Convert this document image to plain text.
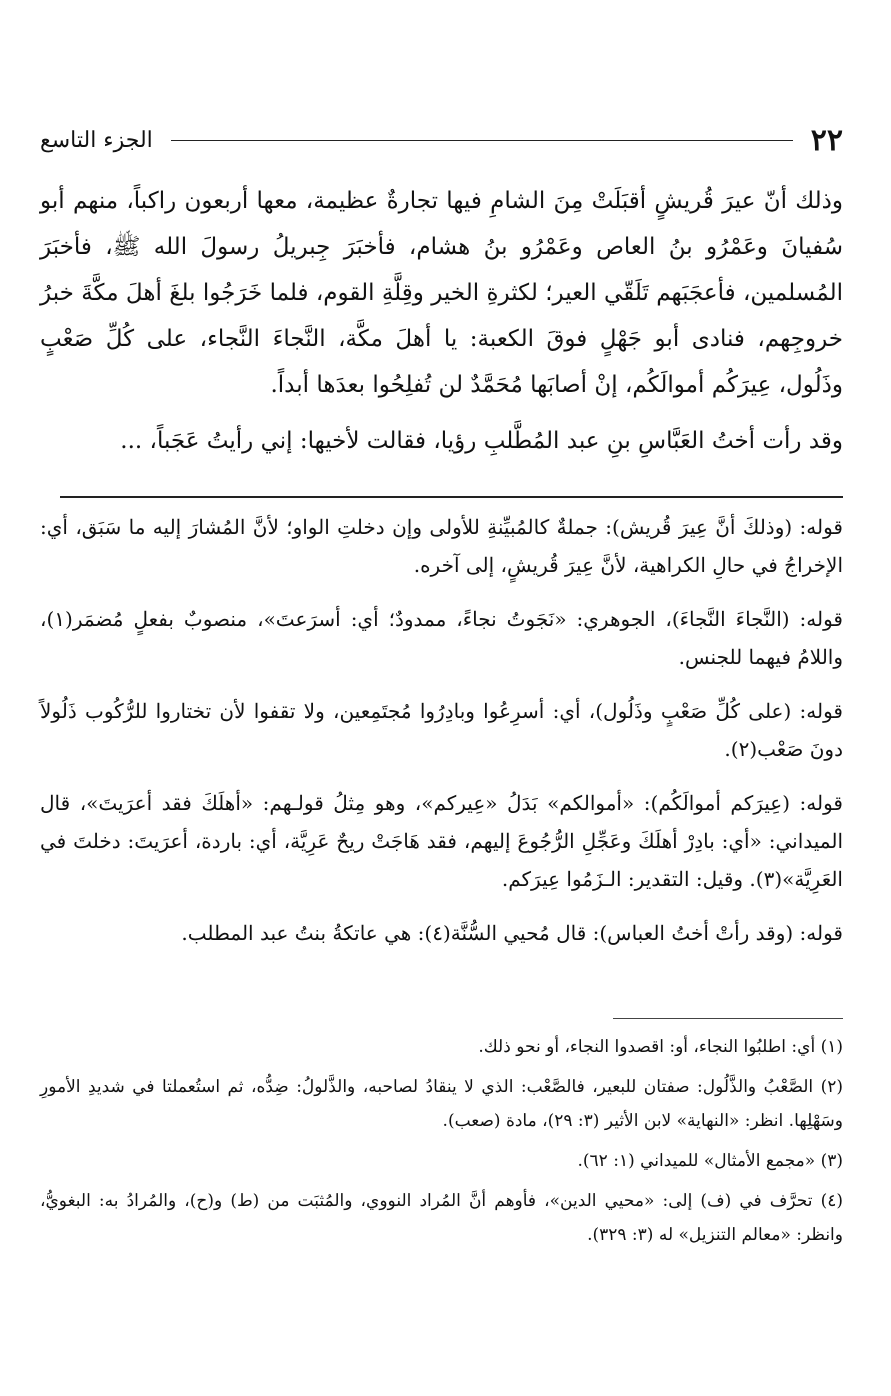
٢٢
الجزء التاسع

وذلك أنّ عيرَ قُريشٍ أقبَلَتْ مِنَ الشامِ فيها تجارةٌ عظيمة، معها أربعون راكباً، منهم أبو سُفيانَ وعَمْرُو بنُ العاص وعَمْرُو بنُ هشام، فأخبَرَ جِبريلُ رسولَ الله ﷺ، فأخبَرَ المُسلمين، فأعجَبَهم تَلَقّي العير؛ لكثرةِ الخير وقِلَّةِ القوم، فلما خَرَجُوا بلغَ أهلَ مكَّةَ خبرُ خروجِهم، فنادى أبو جَهْلٍ فوقَ الكعبة: يا أهلَ مكَّة، النَّجاءَ النَّجاء، على كُلِّ صَعْبٍ وذَلُول، عِيرَكُم أموالَكُم، إنْ أصابَها مُحَمَّدٌ لن تُفلِحُوا بعدَها أبداً.

وقد رأت أختُ العَبَّاسِ بنِ عبد المُطَّلبِ رؤيا، فقالت لأخيها: إني رأيتُ عَجَباً، ...

قوله: (وذلكَ أنَّ عِيرَ قُريش): جملةٌ كالمُبيِّنةِ للأولى وإن دخلتِ الواو؛ لأنَّ المُشارَ إليه ما سَبَق، أي: الإخراجُ في حالِ الكراهية، لأنَّ عِيرَ قُريشٍ، إلى آخره.

قوله: (النَّجاءَ النَّجاءَ)، الجوهري: «نَجَوتُ نجاءً، ممدودٌ؛ أي: أسرَعتَ»، منصوبٌ بفعلٍ مُضمَر(١)، واللامُ فيهما للجنس.

قوله: (على كُلِّ صَعْبٍ وذَلُول)، أي: أسرِعُوا وبادِرُوا مُجتَمِعين، ولا تقفوا لأن تختاروا للرُّكُوب ذَلُولاً دونَ صَعْب(٢).

قوله: (عِيرَكم أموالَكُم): «أموالكم» بَدَلُ «عِيركم»، وهو مِثلُ قولـهم: «أهلَكَ فقد أعرَيتَ»، قال الميداني: «أي: بادِرْ أهلَكَ وعَجِّلِ الرُّجُوعَ إليهم، فقد هَاجَتْ ريحٌ عَرِيَّة، أي: باردة، أعرَيتَ: دخلتَ في العَرِيَّة»(٣). وقيل: التقدير: الـزَمُوا عِيرَكم.

قوله: (وقد رأتْ أختُ العباس): قال مُحيي السُّنَّة(٤): هي عاتكةُ بنتُ عبد المطلب.

(١) أي: اطلبُوا النجاء، أو: اقصدوا النجاء، أو نحو ذلك.

(٢) الصَّعْبُ والذَّلُول: صفتان للبعير، فالصَّعْب: الذي لا ينقادُ لصاحبه، والذَّلولُ: ضِدُّه، ثم استُعملتا في شديدِ الأمورِ وسَهْلِها. انظر: «النهاية» لابن الأثير (٣: ٢٩)، مادة (صعب).

(٣) «مجمع الأمثال» للميداني (١: ٦٢).

(٤) تحرَّف في (ف) إلى: «محيي الدين»، فأوهم أنَّ المُراد النووي، والمُثبَت من (ط) و(ح)، والمُرادُ به: البغويُّ، وانظر: «معالم التنزيل» له (٣: ٣٢٩).
